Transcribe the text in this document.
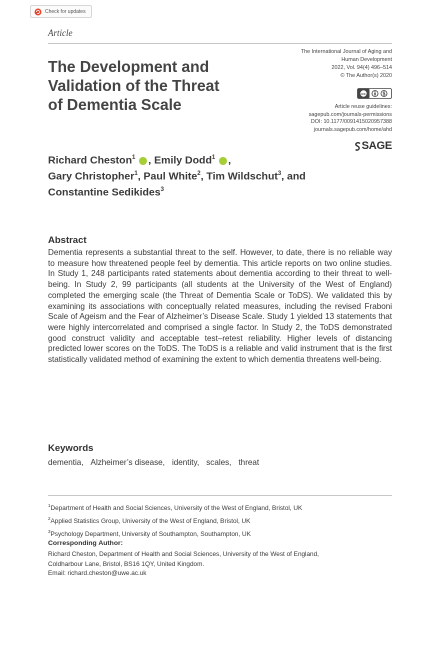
Check for updates
Article
The Development and
Validation of the Threat
of Dementia Scale
The International Journal of Aging and
Human Development
2022, Vol. 94(4) 496–514
© The Author(s) 2020
cc	$
Article reuse guidelines:
sagepub.com/journals-permissions
DOI: 10.1177/0091415020957388
journals.sagepub.com/home/ahd
SAGE
Richard Cheston$^1$ , Emily Dodd$^1$ ,
Gary Christopher$^1$, Paul White$^2$, Tim Wildschut$^3$, and
Constantine Sedikides$^3$
Abstract
Dementia represents a substantial threat to the self. However, to date, there is no reliable way to measure how threatened people feel by dementia. This article reports on two online studies. In Study 1, 248 participants rated statements about dementia according to their threat to well-being. In Study 2, 99 participants (all students at the University of the West of England) completed the emerging scale (the Threat of Dementia Scale or ToDS). We validated this by examining its associations with conceptually related measures, including the revised Fraboni Scale of Ageism and the Fear of Alzheimer’s Disease Scale. Study 1 yielded 13 statements that were highly intercorrelated and comprised a single factor. In Study 2, the ToDS demonstrated good construct validity and acceptable test–retest reliability. Higher levels of distancing predicted lower scores on the ToDS. The ToDS is a reliable and valid instrument that is the first statistically validated method of examining the extent to which dementia threatens well-being.
Keywords
dementia, Alzheimer’s disease, identity, scales, threat
$^1$Department of Health and Social Sciences, University of the West of England, Bristol, UK
$^2$Applied Statistics Group, University of the West of England, Bristol, UK
$^3$Psychology Department, University of Southampton, Southampton, UK
Corresponding Author:
Richard Cheston, Department of Health and Social Sciences, University of the West of England,
Coldharbour Lane, Bristol, BS16 1QY, United Kingdom.
Email: richard.cheston@uwe.ac.uk
